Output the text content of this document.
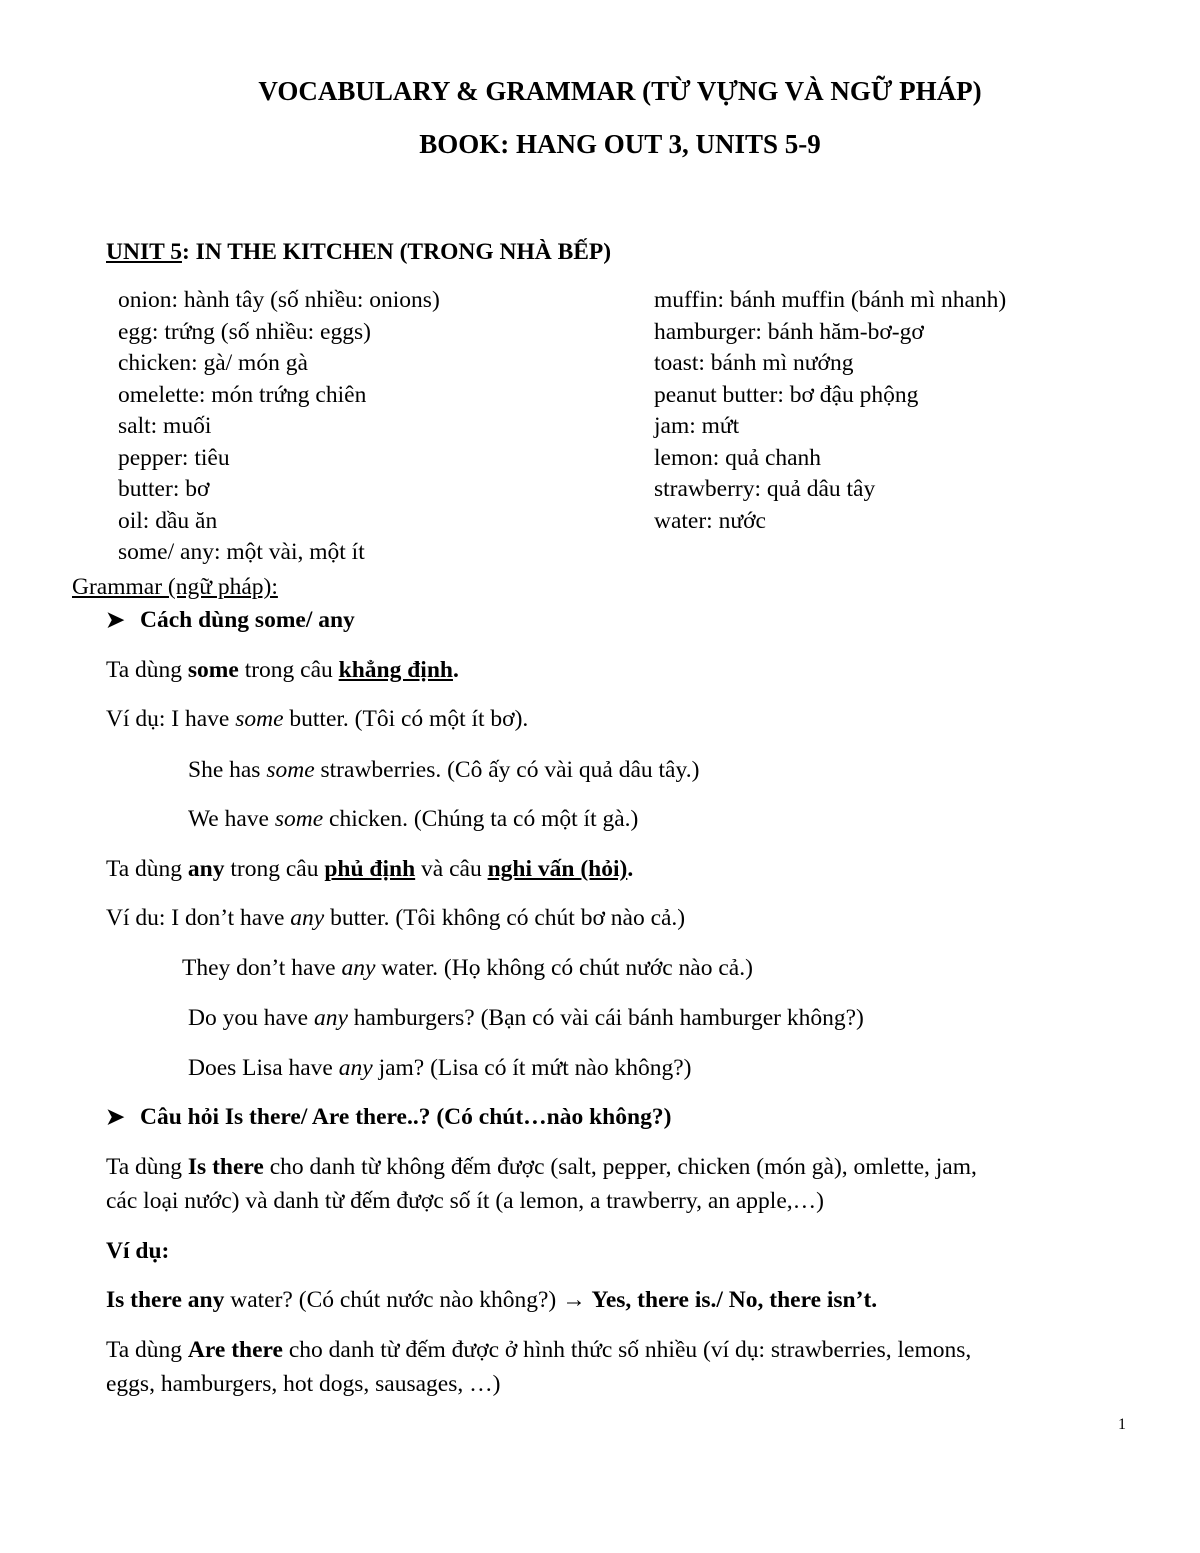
VOCABULARY & GRAMMAR (TỪ VỰNG VÀ NGỮ PHÁP)
BOOK: HANG OUT 3, UNITS 5-9
UNIT 5: IN THE KITCHEN (TRONG NHÀ BẾP)
onion: hành tây (số nhiều: onions)
egg: trứng (số nhiều: eggs)
chicken: gà/ món gà
omelette: món trứng chiên
salt: muối
pepper: tiêu
butter: bơ
oil: dầu ăn
some/ any: một vài, một ít
muffin: bánh muffin (bánh mì nhanh)
hamburger: bánh hăm-bơ-gơ
toast: bánh mì nướng
peanut butter: bơ đậu phộng
jam: mứt
lemon: quả chanh
strawberry: quả dâu tây
water: nước
Grammar (ngữ pháp):
➤ Cách dùng some/ any
Ta dùng some trong câu khẳng định.
Ví dụ: I have some butter. (Tôi có một ít bơ).
She has some strawberries. (Cô ấy có vài quả dâu tây.)
We have some chicken. (Chúng ta có một ít gà.)
Ta dùng any trong câu phủ định và câu nghi vấn (hỏi).
Ví du: I don’t have any butter. (Tôi không có chút bơ nào cả.)
They don’t have any water. (Họ không có chút nước nào cả.)
Do you have any hamburgers? (Bạn có vài cái bánh hamburger không?)
Does Lisa have any jam? (Lisa có ít mứt nào không?)
➤ Câu hỏi Is there/ Are there..? (Có chút…nào không?)
Ta dùng Is there cho danh từ không đếm được (salt, pepper, chicken (món gà), omlette, jam,
các loại nước) và danh từ đếm được số ít (a lemon, a trawberry, an apple,…)
Ví dụ:
Is there any water? (Có chút nước nào không?) → Yes, there is./ No, there isn’t.
Ta dùng Are there cho danh từ đếm được ở hình thức số nhiều (ví dụ: strawberries, lemons,
eggs, hamburgers, hot dogs, sausages, …)
1
